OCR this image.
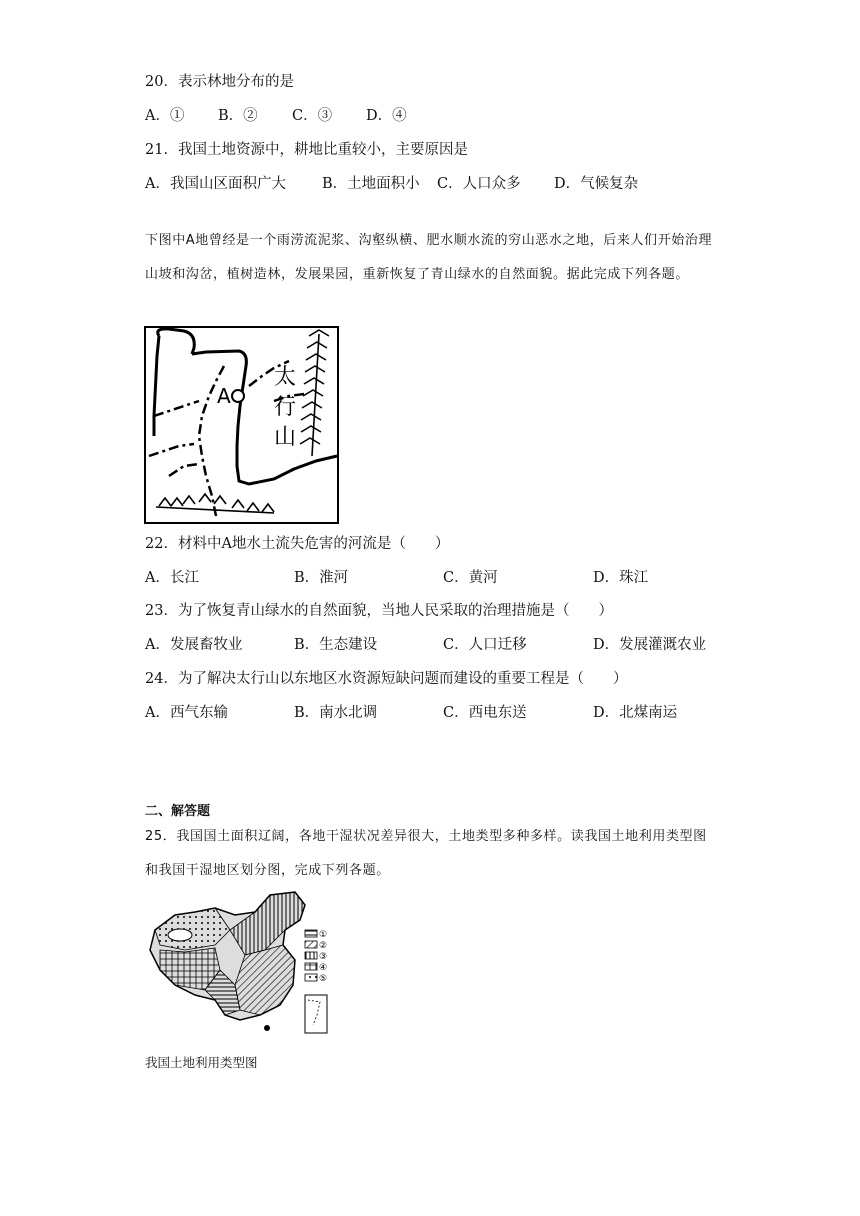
20．表示林地分布的是
A．① B．② C．③ D．④
21．我国土地资源中，耕地比重较小，主要原因是
A．我国山区面积广大 B．土地面积小 C．人口众多 D．气候复杂
下图中A地曾经是一个雨涝流泥浆、沟壑纵横、肥水顺水流的穷山恶水之地，后来人们开始治理山坡和沟岔，植树造林，发展果园，重新恢复了青山绿水的自然面貌。据此完成下列各题。
A
太
行
山
22．材料中A地水土流失危害的河流是（　　）
A．长江	B．淮河	C．黄河	D．珠江
23．为了恢复青山绿水的自然面貌，当地人民采取的治理措施是（　　）
A．发展畜牧业	B．生态建设	C．人口迁移	D．发展灌溉农业
24．为了解决太行山以东地区水资源短缺问题而建设的重要工程是（　　）
A．西气东输	B．南水北调	C．西电东送	D．北煤南运
二、解答题
25．我国国土面积辽阔，各地干湿状况差异很大，土地类型多种多样。读我国土地利用类型图和我国干湿地区划分图，完成下列各题。
①
②
③
④
⑤
我国土地利用类型图
